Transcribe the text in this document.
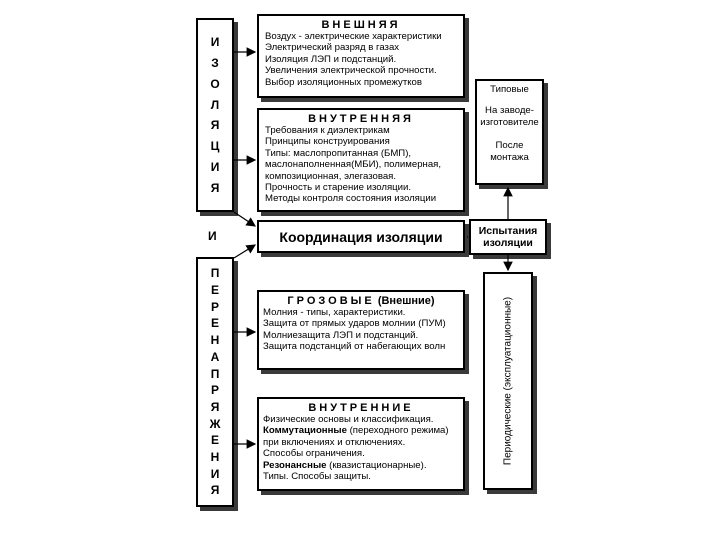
И
З
О
Л
Я
Ц
И
Я
И
П
Е
Р
Е
Н
А
П
Р
Я
Ж
Е
Н
И
Я
ВНЕШНЯЯ
Воздух - электрические характеристики
Электрический разряд в газах
Изоляция ЛЭП и подстанций.
Увеличения электрической прочности.
Выбор изоляционных промежутков
ВНУТРЕННЯЯ
Требования к диэлектрикам
Принципы конструирования
Типы: маслопропитанная (БМП),
маслонаполненная(МБИ), полимерная,
композиционная, элегазовая.
Прочность и старение изоляции.
Методы контроля состояния изоляции
Координация изоляции
ГРОЗОВЫЕ (Внешние)
Молния - типы, характеристики.
Защита от прямых ударов молнии (ПУМ)
Молниезащита ЛЭП и подстанций.
Защита подстанций от набегающих волн
ВНУТРЕННИЕ
Физические основы и классификация.
Коммутационные (переходного режима)
при включениях и отключениях.
Способы ограничения.
Резонансные (квазистационарные).
Типы. Способы защиты.
Типовые
На заводе-изготовителе
После монтажа
Испытания изоляции
Периодические (эксплуатационные)
